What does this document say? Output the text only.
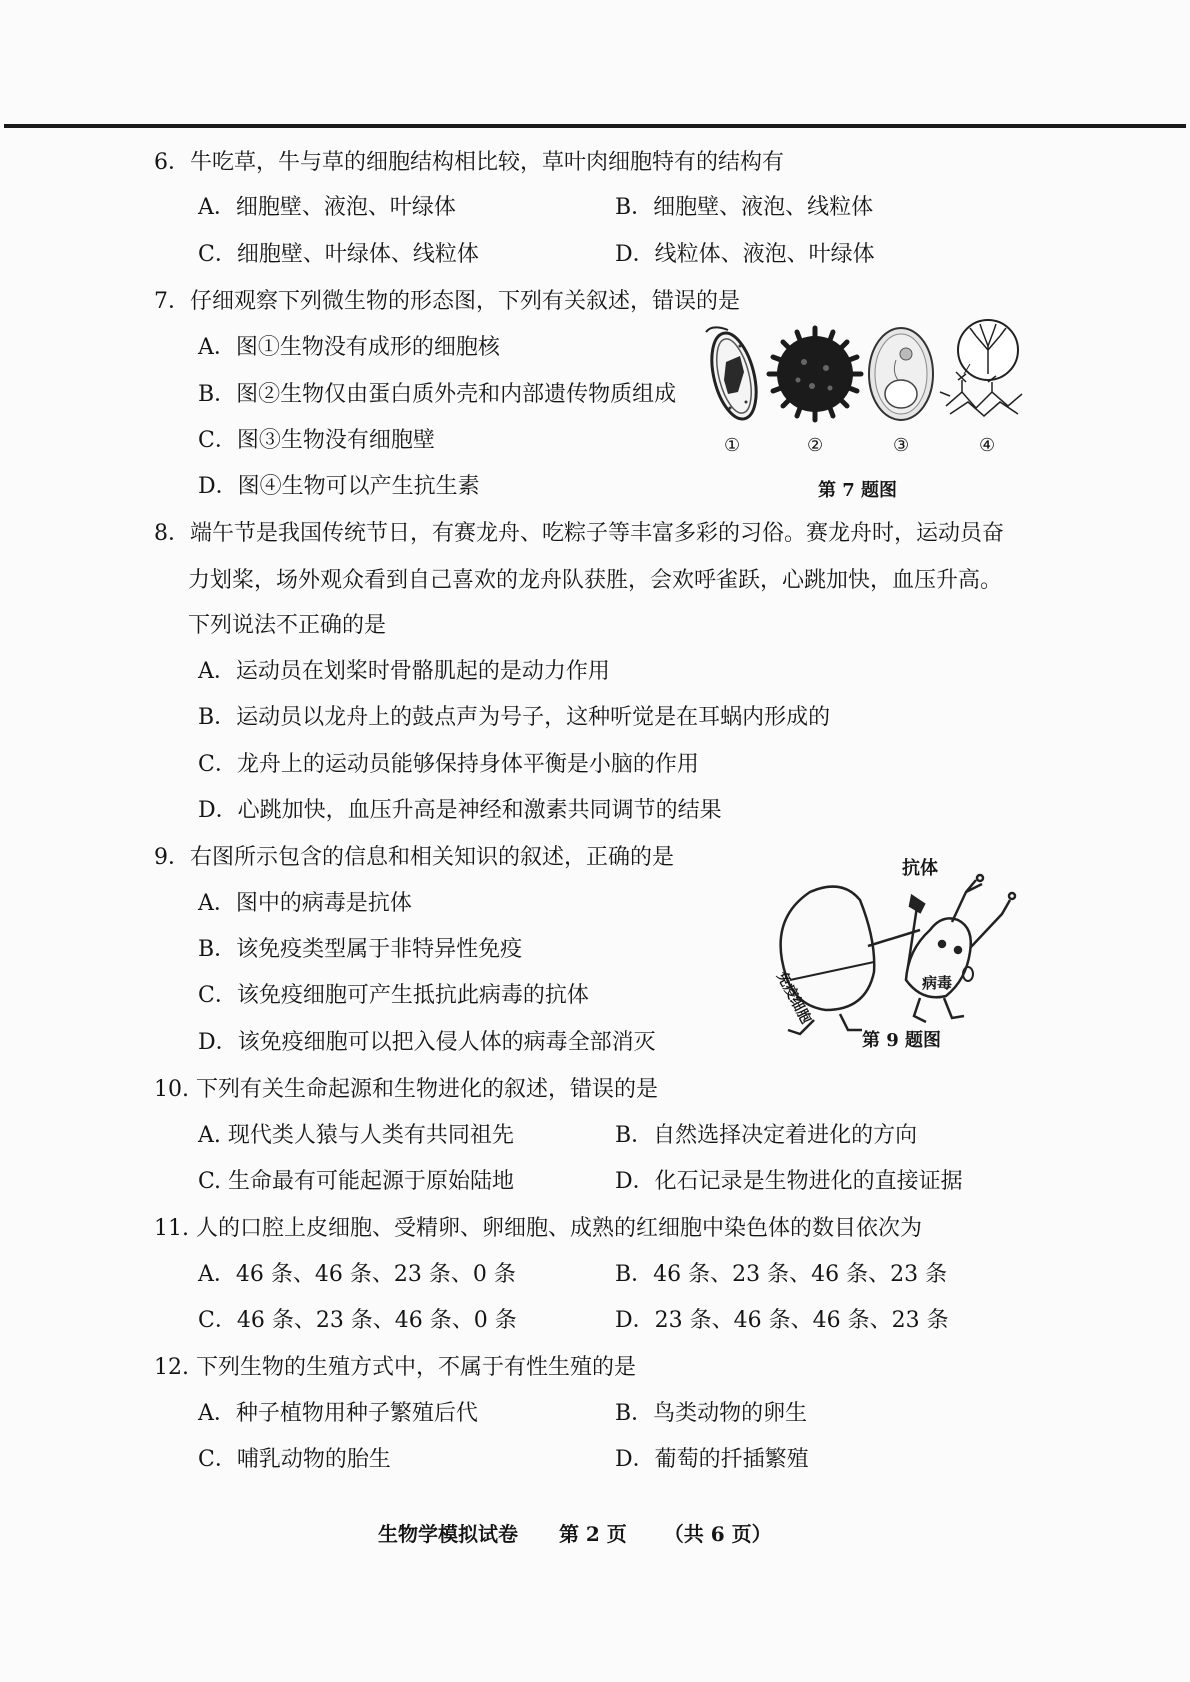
6．牛吃草，牛与草的细胞结构相比较，草叶肉细胞特有的结构有
A．细胞壁、液泡、叶绿体	B．细胞壁、液泡、线粒体
C．细胞壁、叶绿体、线粒体	D．线粒体、液泡、叶绿体
7．仔细观察下列微生物的形态图，下列有关叙述，错误的是
A．图①生物没有成形的细胞核
B．图②生物仅由蛋白质外壳和内部遗传物质组成
C．图③生物没有细胞壁
D．图④生物可以产生抗生素
①	②	③	④
第 7 题图
8．端午节是我国传统节日，有赛龙舟、吃粽子等丰富多彩的习俗。赛龙舟时，运动员奋
力划桨，场外观众看到自己喜欢的龙舟队获胜，会欢呼雀跃，心跳加快，血压升高。
下列说法不正确的是
A．运动员在划桨时骨骼肌起的是动力作用
B．运动员以龙舟上的鼓点声为号子，这种听觉是在耳蜗内形成的
C．龙舟上的运动员能够保持身体平衡是小脑的作用
D．心跳加快，血压升高是神经和激素共同调节的结果
9．右图所示包含的信息和相关知识的叙述，正确的是
A．图中的病毒是抗体
B．该免疫类型属于非特异性免疫
C．该免疫细胞可产生抵抗此病毒的抗体
D．该免疫细胞可以把入侵人体的病毒全部消灭
抗体
免疫细胞	病毒
第 9 题图
10. 下列有关生命起源和生物进化的叙述，错误的是
A. 现代类人猿与人类有共同祖先	B．自然选择决定着进化的方向
C. 生命最有可能起源于原始陆地	D．化石记录是生物进化的直接证据
11. 人的口腔上皮细胞、受精卵、卵细胞、成熟的红细胞中染色体的数目依次为
A．46 条、46 条、23 条、0 条	B．46 条、23 条、46 条、23 条
C．46 条、23 条、46 条、0 条	D．23 条、46 条、46 条、23 条
12. 下列生物的生殖方式中，不属于有性生殖的是
A．种子植物用种子繁殖后代	B．鸟类动物的卵生
C．哺乳动物的胎生	D．葡萄的扦插繁殖
生物学模拟试卷 第 2 页 （共 6 页）
